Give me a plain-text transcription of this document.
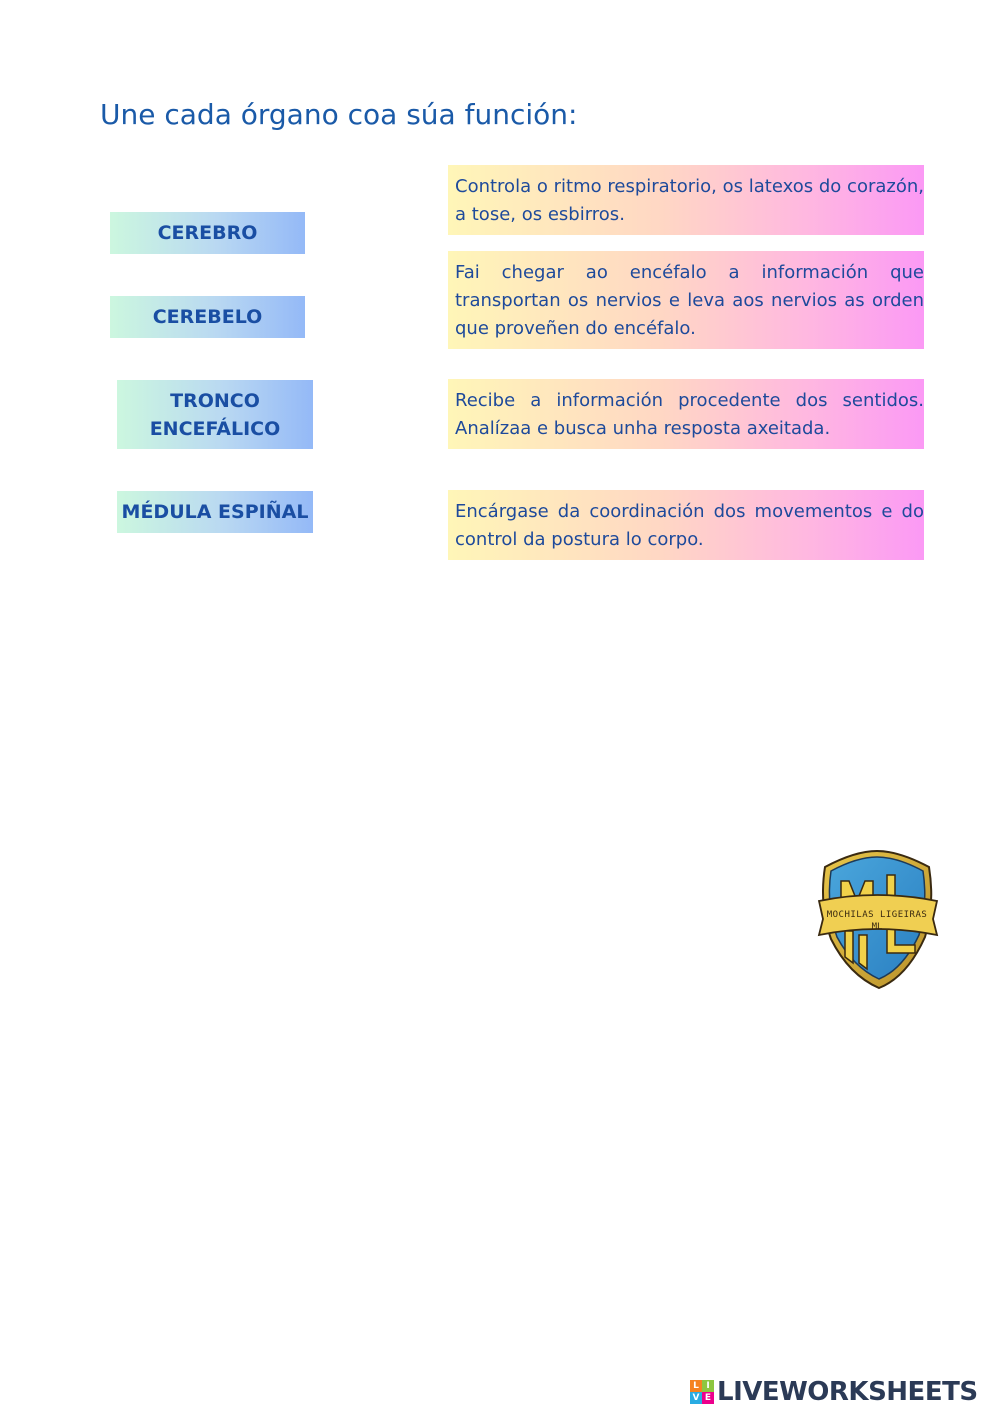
Une cada órgano coa súa función:
CEREBRO
CEREBELO
TRONCO ENCEFÁLICO
MÉDULA ESPIÑAL
Controla o ritmo respiratorio, os latexos do corazón, a tose, os esbirros.
Fai chegar ao encéfalo a información que transportan os nervios e leva aos nervios as orden que proveñen do encéfalo.
Recibe a información procedente dos sentidos. Analízaa e busca unha resposta axeitada.
Encárgase da coordinación dos movementos e do control da postura lo corpo.
MOCHILAS LIGEIRAS
ML
L I
V E LIVEWORKSHEETS
